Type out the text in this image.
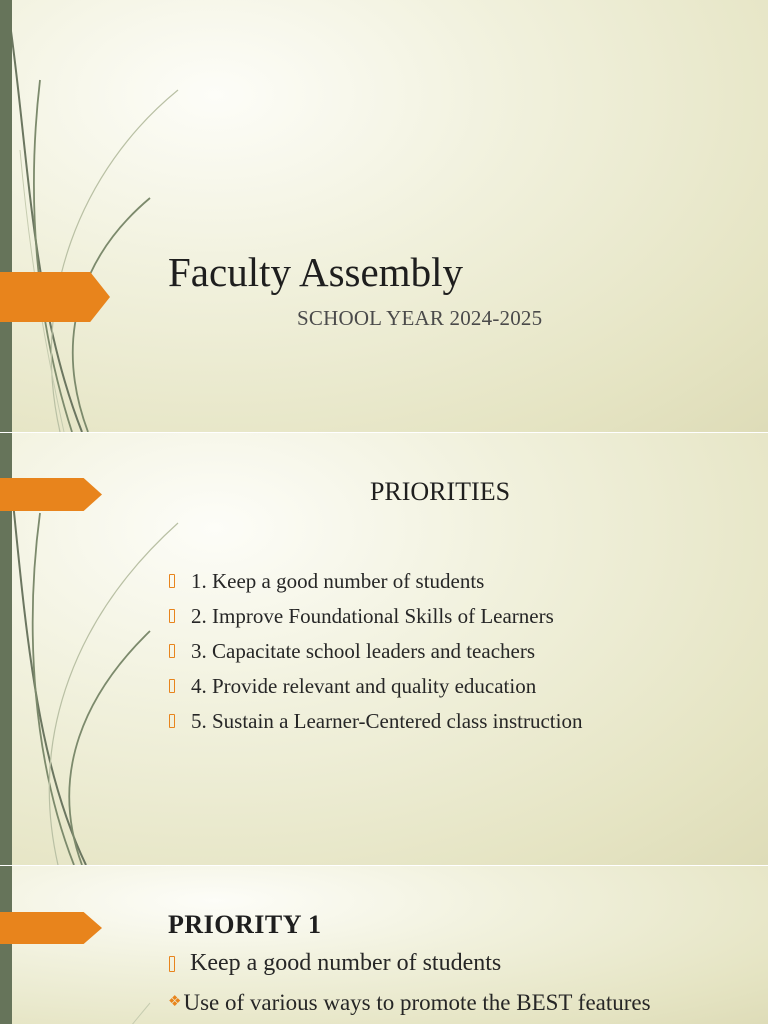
Faculty Assembly
SCHOOL YEAR 2024-2025
PRIORITIES
1. Keep a good number of students
2. Improve Foundational Skills of Learners
3. Capacitate school leaders and teachers
4. Provide relevant and quality education
5. Sustain a Learner-Centered class instruction
PRIORITY 1
Keep a good number of students
❖Use of various ways to promote the BEST features
